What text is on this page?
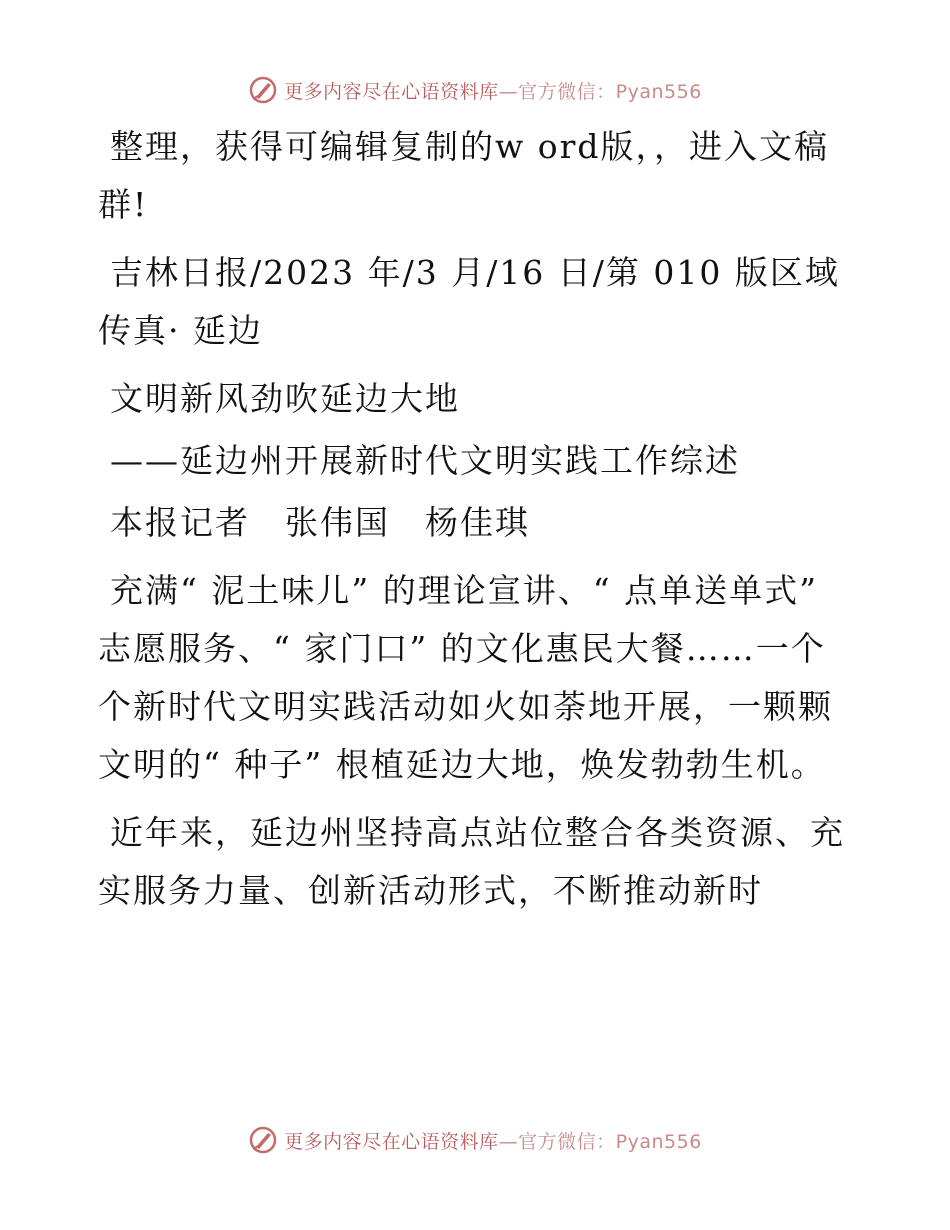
更多内容尽在心语资料库—官方微信：Pyan556

整理，获得可编辑复制的w ord版，，进入文稿群!

吉林日报/2023 年/3 月/16 日/第 010 版区域传真· 延边

文明新风劲吹延边大地

——延边州开展新时代文明实践工作综述

本报记者　张伟国　杨佳琪

充满“ 泥土味儿” 的理论宣讲、“ 点单送单式” 志愿服务、“ 家门口” 的文化惠民大餐……一个个新时代文明实践活动如火如荼地开展，一颗颗文明的“ 种子” 根植延边大地，焕发勃勃生机。

近年来，延边州坚持高点站位整合各类资源、充实服务力量、创新活动形式，不断推动新时

更多内容尽在心语资料库—官方微信：Pyan556
